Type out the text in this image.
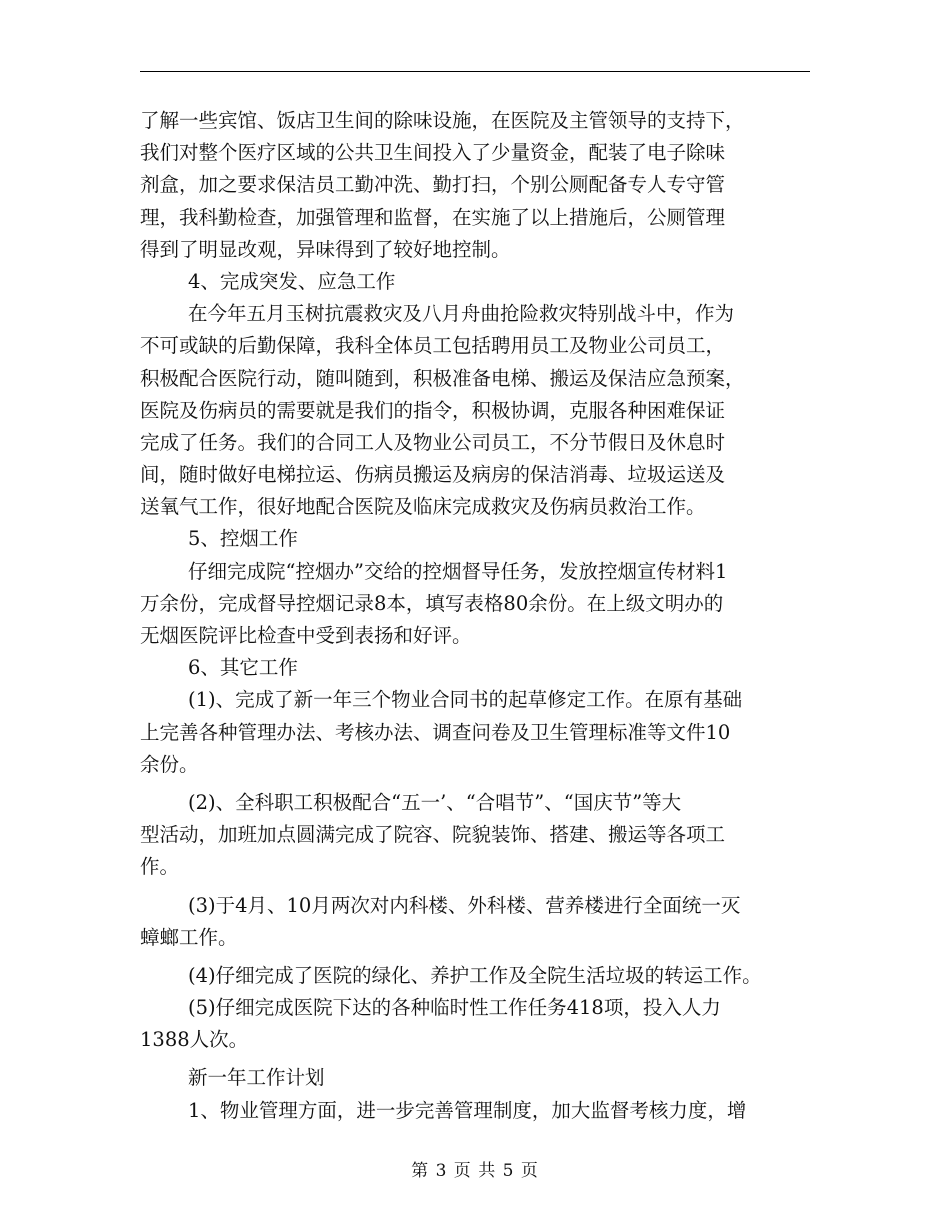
了解一些宾馆、饭店卫生间的除味设施，在医院及主管领导的支持下，
我们对整个医疗区域的公共卫生间投入了少量资金，配装了电子除味
剂盒，加之要求保洁员工勤冲洗、勤打扫，个别公厕配备专人专守管
理，我科勤检查，加强管理和监督，在实施了以上措施后，公厕管理
得到了明显改观，异味得到了较好地控制。
4、完成突发、应急工作
在今年五月玉树抗震救灾及八月舟曲抢险救灾特别战斗中，作为
不可或缺的后勤保障，我科全体员工包括聘用员工及物业公司员工，
积极配合医院行动，随叫随到，积极准备电梯、搬运及保洁应急预案，
医院及伤病员的需要就是我们的指令，积极协调，克服各种困难保证
完成了任务。我们的合同工人及物业公司员工，不分节假日及休息时
间，随时做好电梯拉运、伤病员搬运及病房的保洁消毒、垃圾运送及
送氧气工作，很好地配合医院及临床完成救灾及伤病员救治工作。
5、控烟工作
仔细完成院“控烟办”交给的控烟督导任务，发放控烟宣传材料1
万余份，完成督导控烟记录8本，填写表格80余份。在上级文明办的
无烟医院评比检查中受到表扬和好评。
6、其它工作
(1)、完成了新一年三个物业合同书的起草修定工作。在原有基础
上完善各种管理办法、考核办法、调查问卷及卫生管理标准等文件10
余份。
(2)、全科职工积极配合“五一’、“合唱节”、“国庆节”等大
型活动，加班加点圆满完成了院容、院貌装饰、搭建、搬运等各项工
作。
(3)于4月、10月两次对内科楼、外科楼、营养楼进行全面统一灭
蟑螂工作。
(4)仔细完成了医院的绿化、养护工作及全院生活垃圾的转运工作。
(5)仔细完成医院下达的各种临时性工作任务418项，投入人力
1388人次。
新一年工作计划
1、物业管理方面，进一步完善管理制度，加大监督考核力度，增
第 3 页 共 5 页
